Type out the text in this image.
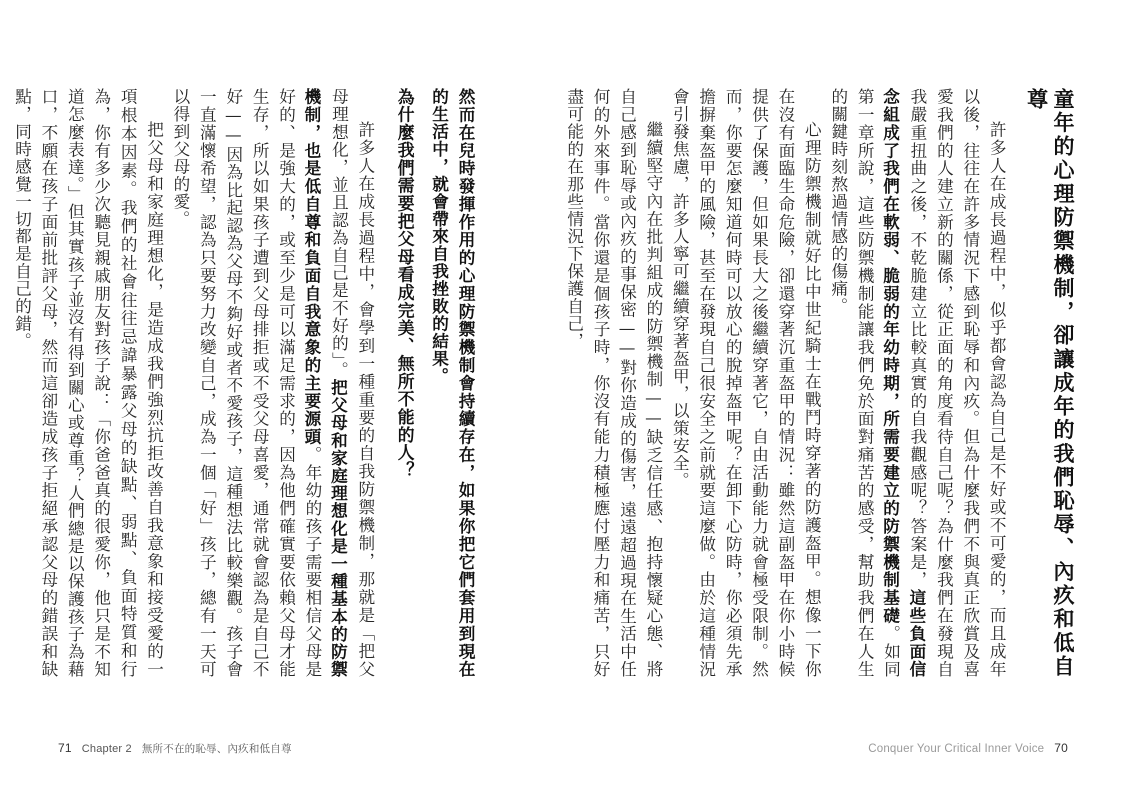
然而在兒時發揮作用的心理防禦機制會持續存在，如果你把它們套用到現在的生活中，就會帶來自我挫敗的結果。

為什麼我們需要把父母看成完美、無所不能的人？

許多人在成長過程中，會學到一種重要的自我防禦機制，那就是「把父母理想化，並且認為自己是不好的」。把父母和家庭理想化是一種基本的防禦機制，也是低自尊和負面自我意象的主要源頭。年幼的孩子需要相信父母是好的、是強大的，或至少是可以滿足需求的，因為他們確實要依賴父母才能生存，所以如果孩子遭到父母排拒或不受父母喜愛，通常就會認為是自己不好——因為比起認為父母不夠好或者不愛孩子，這種想法比較樂觀。孩子會一直滿懷希望，認為只要努力改變自己，成為一個「好」孩子，總有一天可以得到父母的愛。

把父母和家庭理想化，是造成我們強烈抗拒改善自我意象和接受愛的一項根本因素。我們的社會往往忌諱暴露父母的缺點、弱點、負面特質和行為，你有多少次聽見親戚朋友對孩子說：「你爸爸真的很愛你，他只是不知道怎麼表達。」但其實孩子並沒有得到關心或尊重？人們總是以保護孩子為藉口，不願在孩子面前批評父母，然而這卻造成孩子拒絕承認父母的錯誤和缺點，同時感覺一切都是自己的錯。

71 Chapter 2 無所不在的恥辱、內疚和低自尊
童年的心理防禦機制，卻讓成年的我們恥辱、內疚和低自尊

許多人在成長過程中，似乎都會認為自己是不好或不可愛的，而且成年以後，往往在許多情況下感到恥辱和內疚。但為什麼我們不與真正欣賞及喜愛我們的人建立新的關係，從正面的角度看待自己呢？為什麼我們在發現自我嚴重扭曲之後，不乾脆建立比較真實的自我觀感呢？答案是，這些負面信念組成了我們在軟弱、脆弱的年幼時期，所需要建立的防禦機制基礎。如同第一章所說，這些防禦機制能讓我們免於面對痛苦的感受，幫助我們在人生的關鍵時刻熬過情感的傷痛。

心理防禦機制就好比中世紀騎士在戰鬥時穿著的防護盔甲。想像一下你在沒有面臨生命危險，卻還穿著沉重盔甲的情況：雖然這副盔甲在你小時候提供了保護，但如果長大之後繼續穿著它，自由活動能力就會極受限制。然而，你要怎麼知道何時可以放心的脫掉盔甲呢？在卸下心防時，你必須先承擔摒棄盔甲的風險，甚至在發現自己很安全之前就要這麼做。由於這種情況會引發焦慮，許多人寧可繼續穿著盔甲，以策安全。

繼續堅守內在批判組成的防禦機制——缺乏信任感、抱持懷疑心態、將自己感到恥辱或內疚的事保密——對你造成的傷害，遠遠超過現在生活中任何的外來事件。當你還是個孩子時，你沒有能力積極應付壓力和痛苦，只好盡可能的在那些情況下保護自己，

Conquer Your Critical Inner Voice 70
